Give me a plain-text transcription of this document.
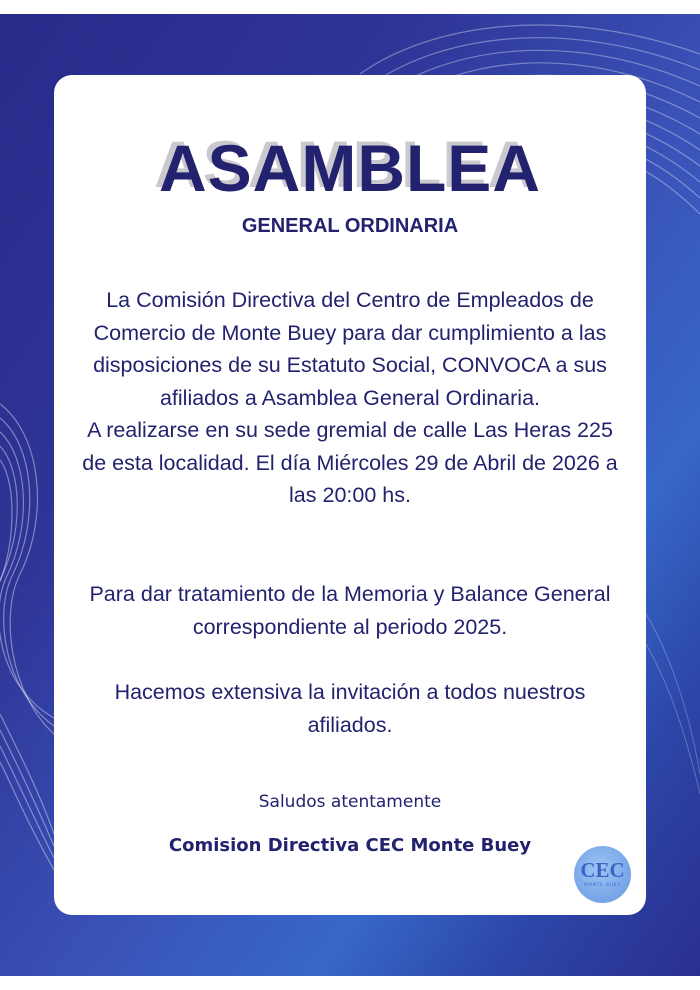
ASAMBLEA
GENERAL ORDINARIA

La Comisión Directiva del Centro de Empleados de Comercio de Monte Buey para dar cumplimiento a las disposiciones de su Estatuto Social, CONVOCA a sus afiliados a Asamblea General Ordinaria.
A realizarse en su sede gremial de calle Las Heras 225 de esta localidad. El día Miércoles 29 de Abril de 2026 a las 20:00 hs.

Para dar tratamiento de la Memoria y Balance General correspondiente al periodo 2025.

Hacemos extensiva la invitación a todos nuestros afiliados.

Saludos atentamente
Comision Directiva CEC Monte Buey
CEC
MONTE BUEY
